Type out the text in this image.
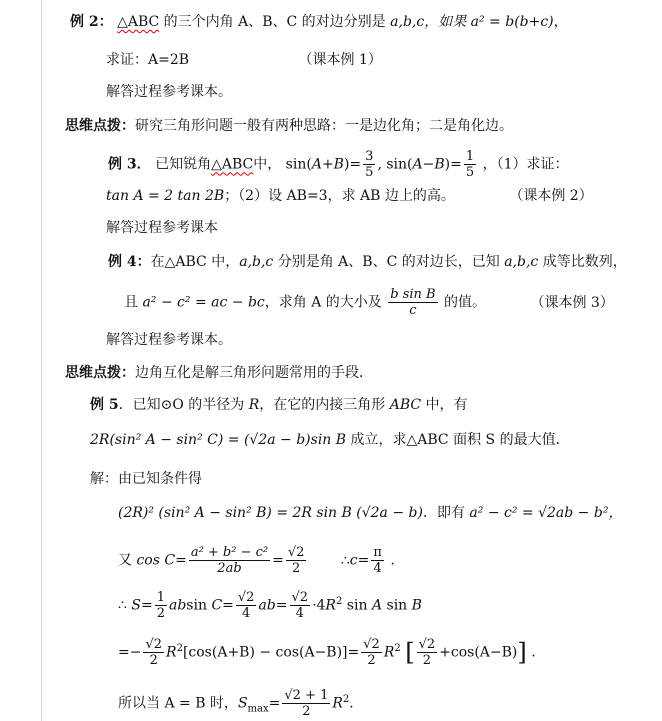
例 2： △ABC 的三个内角 A、B、C 的对边分别是 a,b,c，如果 a² = b(b+c)，
求证：A=2B	（课本例 1）
解答过程参考课本。
思维点拨：研究三角形问题一般有两种思路：一是边化角；二是角化边。
例 3． 已知锐角△ABC中， $\sin(A+B)= \frac{3}{5}$ , $\sin(A-B)= \frac{1}{5}$ ，（1）求证：
tan A = 2 tan 2B；（2）设 AB=3，求 AB 边上的高。	（课本例 2）
解答过程参考课本
例 4：在△ABC 中，a,b,c 分别是角 A、B、C 的对边长，已知 a,b,c 成等比数列，
且 a² − c² = ac − bc，求角 A 的大小及 $\frac{\text{b sin B}}{c}$ 的值。	（课本例 3）
解答过程参考课本。
思维点拨：边角互化是解三角形问题常用的手段．
例 5．已知⊙O 的半径为 R，在它的内接三角形 ABC 中，有
2R(sin² A − sin² C) = (√2a − b)sin B 成立，求△ABC 面积 S 的最大值．
解：由已知条件得
(2R)² (sin² A − sin² B) = 2R sin B (√2a − b)．即有 a² − c² = √2ab − b²，
又 $\cos C= \frac{\text{a² + b² − c²}}{2ab} = \frac{√2}{2}$ ∴c= $\frac{\pi}{4}$ .
∴ $S= \frac{1}{2}$ absin $C= \frac{√2}{4} ab= \frac{√2}{4} \cdot 4R^2$ sin A sin B
=− $\frac{√2}{2} R^2[\cos(A+B) - \cos(A-B)]= \frac{√2}{2} R^2$ [ $\frac{√2}{2} +\cos(A-B)$] .
所以当 A = B 时，$S_{max}= \frac{√2 + 1}{2} R^2$.
